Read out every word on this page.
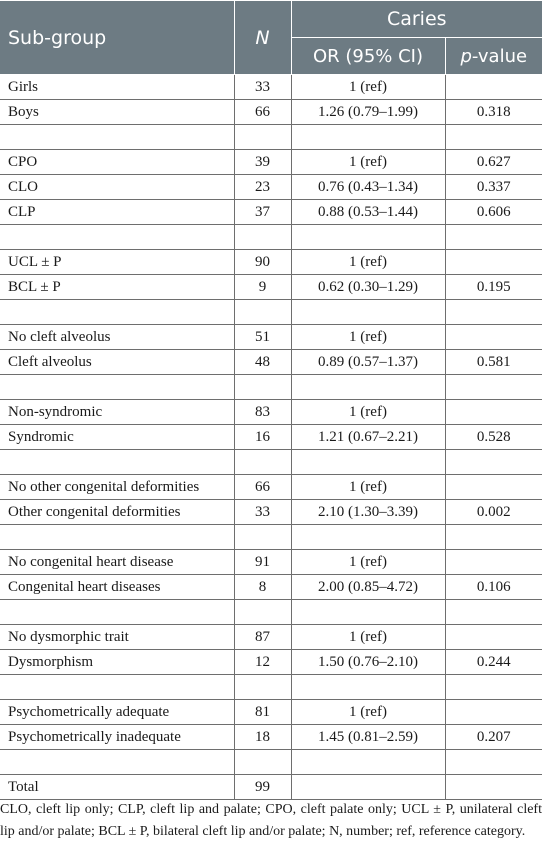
Sub-group	N	Caries	
		OR (95% CI)	p-value
Girls	33	1 (ref)	
Boys	66	1.26 (0.79–1.99)	0.318

CPO	39	1 (ref)	0.627
CLO	23	0.76 (0.43–1.34)	0.337
CLP	37	0.88 (0.53–1.44)	0.606

UCL ± P	90	1 (ref)	
BCL ± P	9	0.62 (0.30–1.29)	0.195

No cleft alveolus	51	1 (ref)	
Cleft alveolus	48	0.89 (0.57–1.37)	0.581

Non-syndromic	83	1 (ref)	
Syndromic	16	1.21 (0.67–2.21)	0.528

No other congenital deformities	66	1 (ref)	
Other congenital deformities	33	2.10 (1.30–3.39)	0.002

No congenital heart disease	91	1 (ref)	
Congenital heart diseases	8	2.00 (0.85–4.72)	0.106

No dysmorphic trait	87	1 (ref)	
Dysmorphism	12	1.50 (0.76–2.10)	0.244

Psychometrically adequate	81	1 (ref)	
Psychometrically inadequate	18	1.45 (0.81–2.59)	0.207

Total	99		

CLO, cleft lip only; CLP, cleft lip and palate; CPO, cleft palate only; UCL ± P, unilateral cleft lip and/or palate; BCL ± P, bilateral cleft lip and/or palate; N, number; ref, reference category.
